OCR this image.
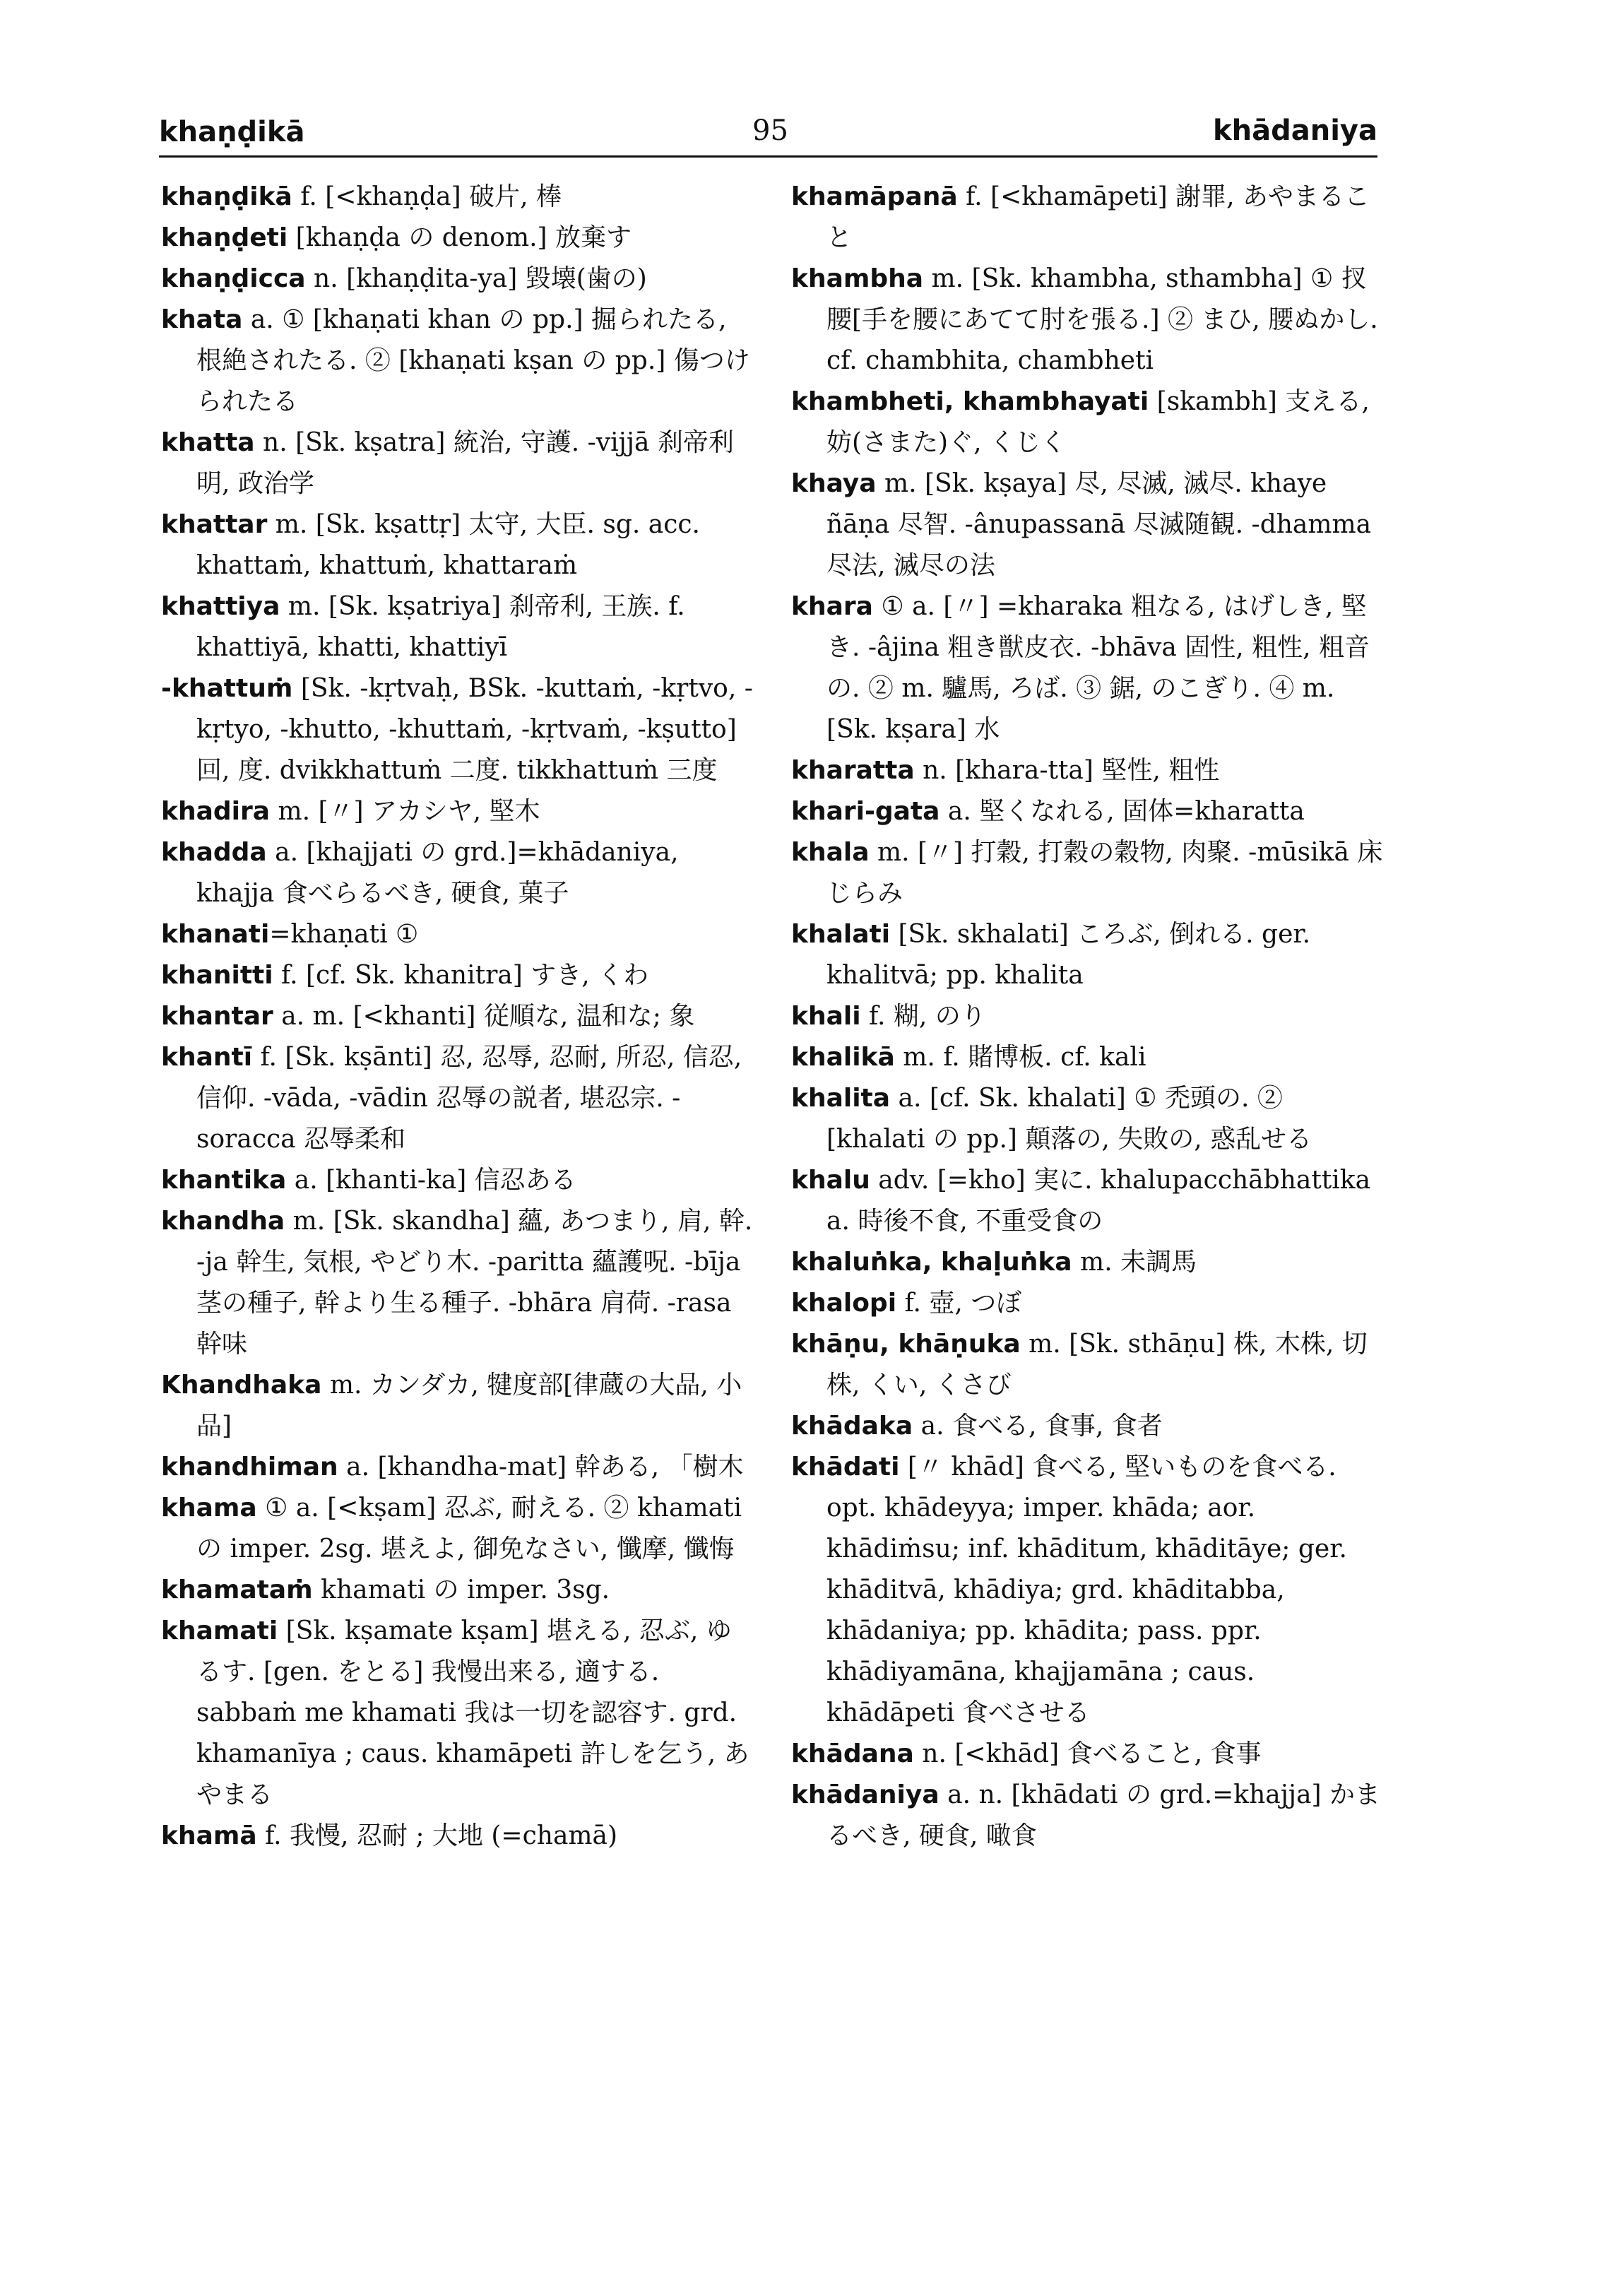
khaṇḍikā	95	khādaniya
khaṇḍikā f. [<khaṇḍa] 破片, 棒
khaṇḍeti [khaṇḍa の denom.] 放棄す
khaṇḍicca n. [khaṇḍita-ya] 毀壊(歯の)
khata a. ① [khaṇati khan の pp.] 掘られたる, 根絶されたる. ② [khaṇati kṣan の pp.] 傷つけられたる
khatta n. [Sk. kṣatra] 統治, 守護. -vijjā 刹帝利明, 政治学
khattar m. [Sk. kṣattṛ] 太守, 大臣. sg. acc. khattaṁ, khattuṁ, khattaraṁ
khattiya m. [Sk. kṣatriya] 刹帝利, 王族. f. khattiyā, khatti, khattiyī
-khattuṁ [Sk. -kṛtvaḥ, BSk. -kuttaṁ, -kṛtvo, -kṛtyo, -khutto, -khuttaṁ, -kṛtvaṁ, -kṣutto] 回, 度. dvikkhattuṁ 二度. tikkhattuṁ 三度
khadira m. [〃] アカシヤ, 堅木
khadda a. [khajjati の grd.]=khādaniya, khajja 食べらるべき, 硬食, 菓子
khanati=khaṇati ①
khanitti f. [cf. Sk. khanitra] すき, くわ
khantar a. m. [<khanti] 従順な, 温和な; 象
khantī f. [Sk. kṣānti] 忍, 忍辱, 忍耐, 所忍, 信忍, 信仰. -vāda, -vādin 忍辱の説者, 堪忍宗. -soracca 忍辱柔和
khantika a. [khanti-ka] 信忍ある
khandha m. [Sk. skandha] 蘊, あつまり, 肩, 幹. -ja 幹生, 気根, やどり木. -paritta 蘊護呪. -bīja 茎の種子, 幹より生る種子. -bhāra 肩荷. -rasa 幹味
Khandhaka m. カンダカ, 犍度部[律蔵の大品, 小品]
khandhiman a. [khandha-mat] 幹ある, 「樹木
khama ① a. [<kṣam] 忍ぶ, 耐える. ② khamati の imper. 2sg. 堪えよ, 御免なさい, 懺摩, 懺悔
khamataṁ khamati の imper. 3sg.
khamati [Sk. kṣamate kṣam] 堪える, 忍ぶ, ゆるす. [gen. をとる] 我慢出来る, 適する. sabbaṁ me khamati 我は一切を認容す. grd. khamanīya ; caus. khamāpeti 許しを乞う, あやまる
khamā f. 我慢, 忍耐 ; 大地 (=chamā)
khamāpanā f. [<khamāpeti] 謝罪, あやまること
khambha m. [Sk. khambha, sthambha] ① 扠腰[手を腰にあてて肘を張る.] ② まひ, 腰ぬかし. cf. chambhita, chambheti
khambheti, khambhayati [skambh] 支える, 妨(さまた)ぐ, くじく
khaya m. [Sk. kṣaya] 尽, 尽滅, 滅尽. khaye ñāṇa 尽智. -ânupassanā 尽滅随観. -dhamma 尽法, 滅尽の法
khara ① a. [〃] =kharaka 粗なる, はげしき, 堅き. -âjina 粗き獣皮衣. -bhāva 固性, 粗性, 粗音の. ② m. 驢馬, ろば. ③ 鋸, のこぎり. ④ m. [Sk. kṣara] 水
kharatta n. [khara-tta] 堅性, 粗性
khari-gata a. 堅くなれる, 固体=kharatta
khala m. [〃] 打穀, 打穀の穀物, 肉聚. -mūsikā 床じらみ
khalati [Sk. skhalati] ころぶ, 倒れる. ger. khalitvā; pp. khalita
khali f. 糊, のり
khalikā m. f. 賭博板. cf. kali
khalita a. [cf. Sk. khalati] ① 禿頭の. ② [khalati の pp.] 顛落の, 失敗の, 惑乱せる
khalu adv. [=kho] 実に. khalupacchābhattika a. 時後不食, 不重受食の
khaluṅka, khaḷuṅka m. 未調馬
khalopi f. 壺, つぼ
khāṇu, khāṇuka m. [Sk. sthāṇu] 株, 木株, 切株, くい, くさび
khādaka a. 食べる, 食事, 食者
khādati [〃 khād] 食べる, 堅いものを食べる. opt. khādeyya; imper. khāda; aor. khādiṁsu; inf. khāditum, khāditāye; ger. khāditvā, khādiya; grd. khāditabba, khādaniya; pp. khādita; pass. ppr. khādiyamāna, khajjamāna ; caus. khādāpeti 食べさせる
khādana n. [<khād] 食べること, 食事
khādaniya a. n. [khādati の grd.=khajja] かまるべき, 硬食, 噉食
